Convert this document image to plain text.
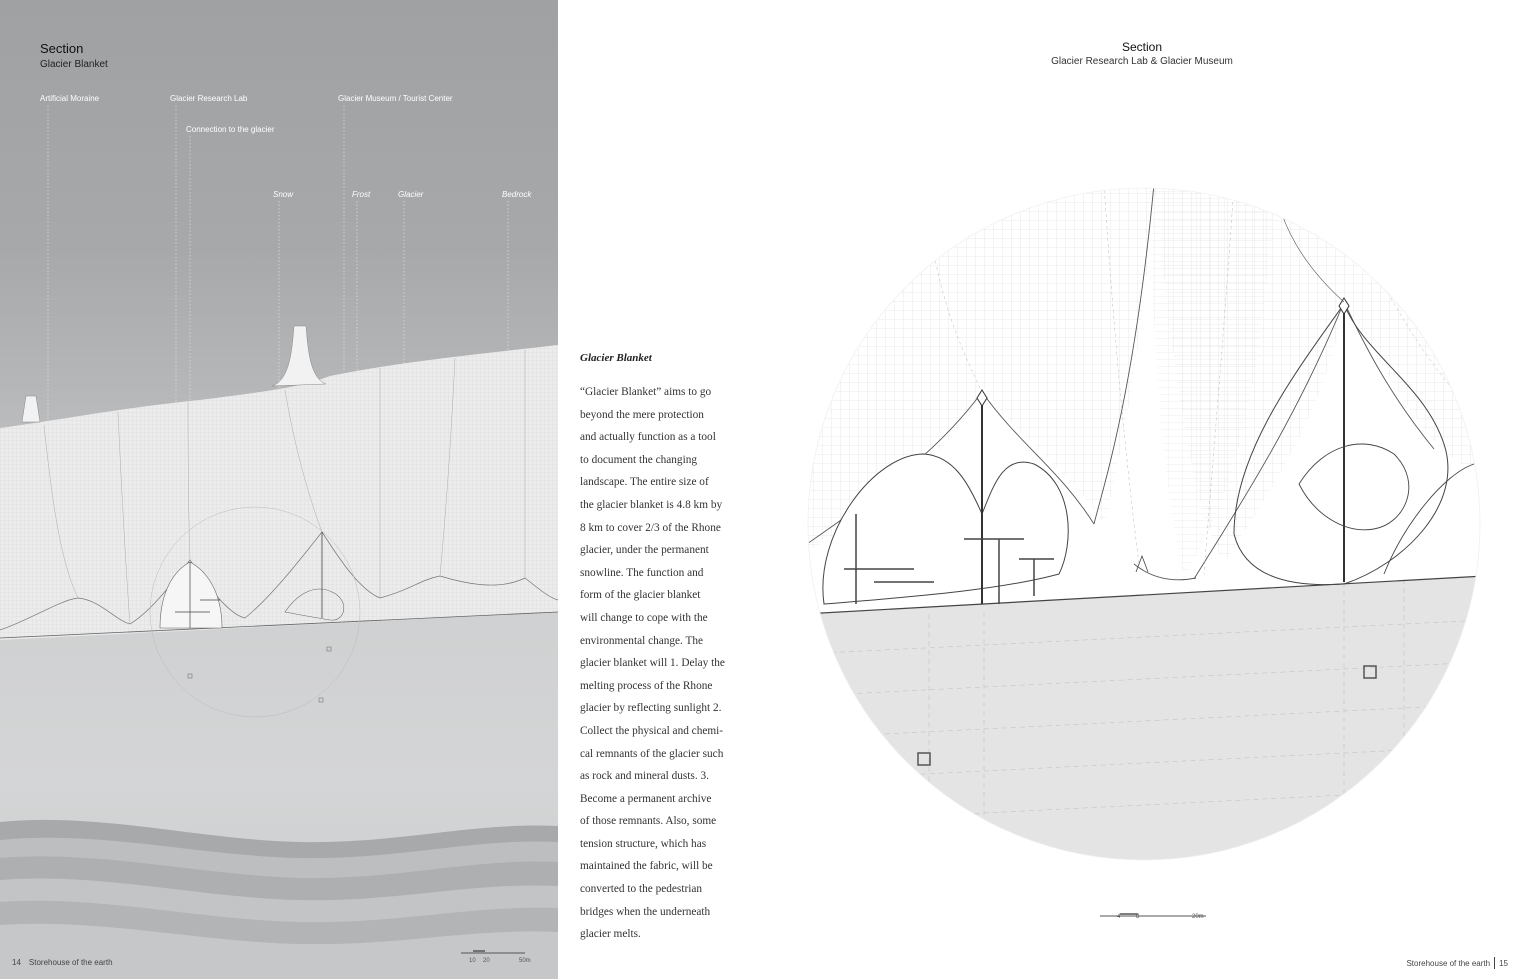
Section
Glacier Blanket
Artificial Moraine	Glacier Research Lab
Connection to the glacier
Glacier Museum / Tourist Center
Snow	Frost	Glacier	Bedrock
10 20	50m
14 Storehouse of the earth
Section
Glacier Research Lab & Glacier Museum
Glacier Blanket

“Glacier Blanket” aims to go
beyond the mere protection
and actually function as a tool
to document the changing
landscape. The entire size of
the glacier blanket is 4.8 km by
8 km to cover 2/3 of the Rhone
glacier, under the permanent
snowline. The function and
form of the glacier blanket
will change to cope with the
environmental change. The
glacier blanket will 1. Delay the
melting process of the Rhone
glacier by reflecting sunlight 2.
Collect the physical and chemi-
cal remnants of the glacier such
as rock and mineral dusts. 3.
Become a permanent archive
of those remnants. Also, some
tension structure, which has
maintained the fabric, will be
converted to the pedestrian
bridges when the underneath
glacier melts.

4	8	20m
Storehouse of the earth 15
